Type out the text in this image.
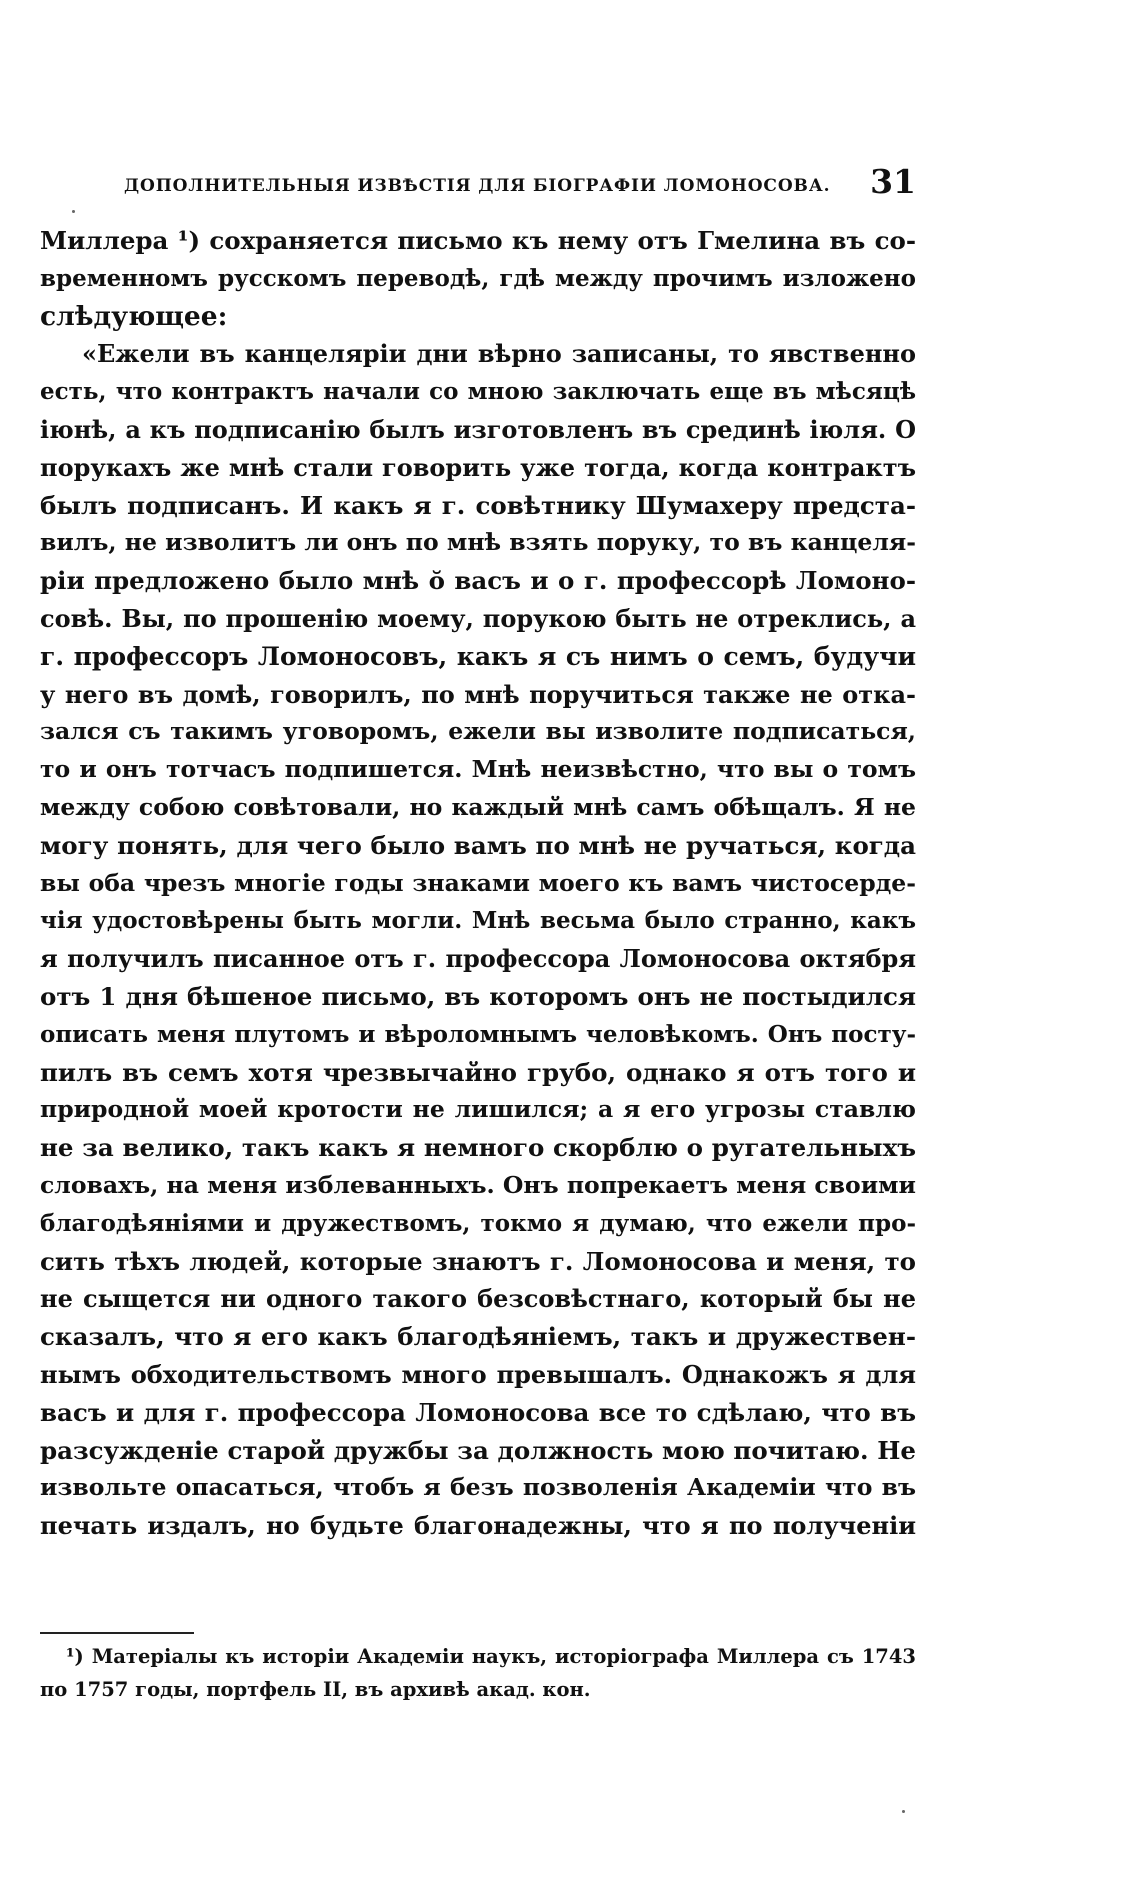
ДОПОЛНИТЕЛЬНЫЯ ИЗВѢСТІЯ ДЛЯ БІОГРАФІИ ЛОМОНОСОВА. 31
Миллера ¹) сохраняется письмо къ нему отъ Гмелина въ со-
временномъ русскомъ переводѣ, гдѣ между прочимъ изложено
слѣдующее:
«Ежели въ канцеляріи дни вѣрно записаны, то явственно
есть, что контрактъ начали со мною заключать еще въ мѣсяцѣ
іюнѣ, а къ подписанію былъ изготовленъ въ срединѣ іюля. О
порукахъ же мнѣ стали говорить уже тогда, когда контрактъ
былъ подписанъ. И какъ я г. совѣтнику Шумахеру предста-
вилъ, не изволитъ ли онъ по мнѣ взять поруку, то въ канцеля-
ріи предложено было мнѣ о̆ васъ и о г. профессорѣ Ломоно-
совѣ. Вы, по прошенію моему, порукою быть не отреклись, а
г. профессоръ Ломоносовъ, какъ я съ нимъ о семъ, будучи
у него въ домѣ, говорилъ, по мнѣ поручиться также не отка-
зался съ такимъ уговоромъ, ежели вы изволите подписаться,
то и онъ тотчасъ подпишется. Мнѣ неизвѣстно, что вы о томъ
между собою совѣтовали, но каждый мнѣ самъ обѣщалъ. Я не
могу понять, для чего было вамъ по мнѣ не ручаться, когда
вы оба чрезъ многіе годы знаками моего къ вамъ чистосерде-
чія удостовѣрены быть могли. Мнѣ весьма было странно, какъ
я получилъ писанное отъ г. профессора Ломоносова октября
отъ 1 дня бѣшеное письмо, въ которомъ онъ не постыдился
описать меня плутомъ и вѣроломнымъ человѣкомъ. Онъ посту-
пилъ въ семъ хотя чрезвычайно грубо, однако я отъ того и
природной моей кротости не лишился; а я его угрозы ставлю
не за велико, такъ какъ я немного скорблю о ругательныхъ
словахъ, на меня изблеванныхъ. Онъ попрекаетъ меня своими
благодѣяніями и дружествомъ, токмо я думаю, что ежели про-
сить тѣхъ людей, которые знаютъ г. Ломоносова и меня, то
не сыщется ни одного такого безсовѣстнаго, который бы не
сказалъ, что я его какъ благодѣяніемъ, такъ и дружествен-
нымъ обходительствомъ много превышалъ. Однакожъ я для
васъ и для г. профессора Ломоносова все то сдѣлаю, что въ
разсужденіе старой дружбы за должность мою почитаю. Не
извольте опасаться, чтобъ я безъ позволенія Академіи что въ
печать издалъ, но будьте благонадежны, что я по полученіи
¹) Матеріалы къ исторіи Академіи наукъ, исторіографа Миллера съ 1743
по 1757 годы, портфель II, въ архивѣ акад. кон.
